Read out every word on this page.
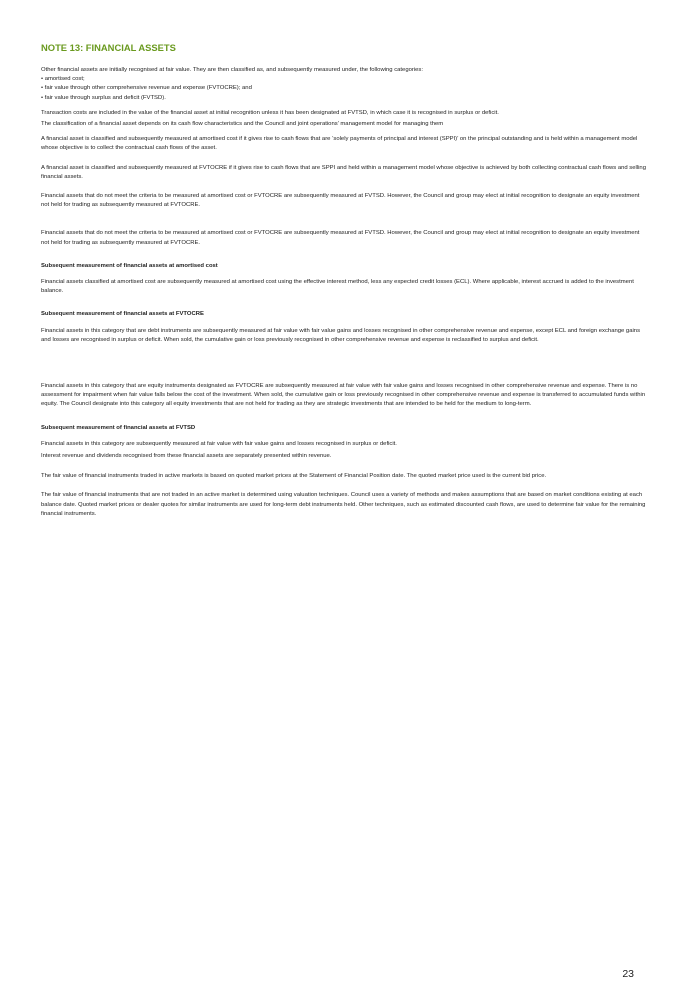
NOTE 13: FINANCIAL ASSETS

Other financial assets are initially recognised at fair value. They are then classified as, and subsequently measured under, the following categories:

• amortised cost;
• fair value through other comprehensive revenue and expense (FVTOCRE); and
• fair value through surplus and deficit (FVTSD).

Transaction costs are included in the value of the financial asset at initial recognition unless it has been designated at FVTSD, in which case it is recognised in surplus or deficit.

The classification of a financial asset depends on its cash flow characteristics and the Council and joint operations’ management model for managing them

A financial asset is classified and subsequently measured at amortised cost if it gives rise to cash flows that are ‘solely payments of principal and interest (SPPI)’ on the principal outstanding and is held within a management model whose objective is to collect the contractual cash flows of the asset.

A financial asset is classified and subsequently measured at FVTOCRE if it gives rise to cash flows that are SPPI and held within a management model whose objective is achieved by both collecting contractual cash flows and selling financial assets.

Financial assets that do not meet the criteria to be measured at amortised cost or FVTOCRE are subsequently measured at FVTSD. However, the Council and group may elect at initial recognition to designate an equity investment not held for trading as subsequently measured at FVTOCRE.

Financial assets that do not meet the criteria to be measured at amortised cost or FVTOCRE are subsequently measured at FVTSD. However, the Council and group may elect at initial recognition to designate an equity investment not held for trading as subsequently measured at FVTOCRE.

Subsequent measurement of financial assets at amortised cost

Financial assets classified at amortised cost are subsequently measured at amortised cost using the effective interest method, less any expected credit losses (ECL). Where applicable, interest accrued is added to the investment balance.

Subsequent measurement of financial assets at FVTOCRE

Financial assets in this category that are debt instruments are subsequently measured at fair value with fair value gains and losses recognised in other comprehensive revenue and expense, except ECL and foreign exchange gains and losses are recognised in surplus or deficit. When sold, the cumulative gain or loss previously recognised in other comprehensive revenue and expense is reclassified to surplus and deficit.

Financial assets in this category that are equity instruments designated as FVTOCRE are subsequently measured at fair value with fair value gains and losses recognised in other comprehensive revenue and expense. There is no assessment for impairment when fair value falls below the cost of the investment. When sold, the cumulative gain or loss previously recognised in other comprehensive revenue and expense is transferred to accumulated funds within equity. The Council designate into this category all equity investments that are not held for trading as they are strategic investments that are intended to be held for the medium to long-term.

Subsequent measurement of financial assets at FVTSD

Financial assets in this category are subsequently measured at fair value with fair value gains and losses recognised in surplus or deficit.

Interest revenue and dividends recognised from these financial assets are separately presented within revenue.

The fair value of financial instruments traded in active markets is based on quoted market prices at the Statement of Financial Position date. The quoted market price used is the current bid price.

The fair value of financial instruments that are not traded in an active market is determined using valuation techniques. Council uses a variety of methods and makes assumptions that are based on market conditions existing at each balance date. Quoted market prices or dealer quotes for similar instruments are used for long-term debt instruments held. Other techniques, such as estimated discounted cash flows, are used to determine fair value for the remaining financial instruments.

23
